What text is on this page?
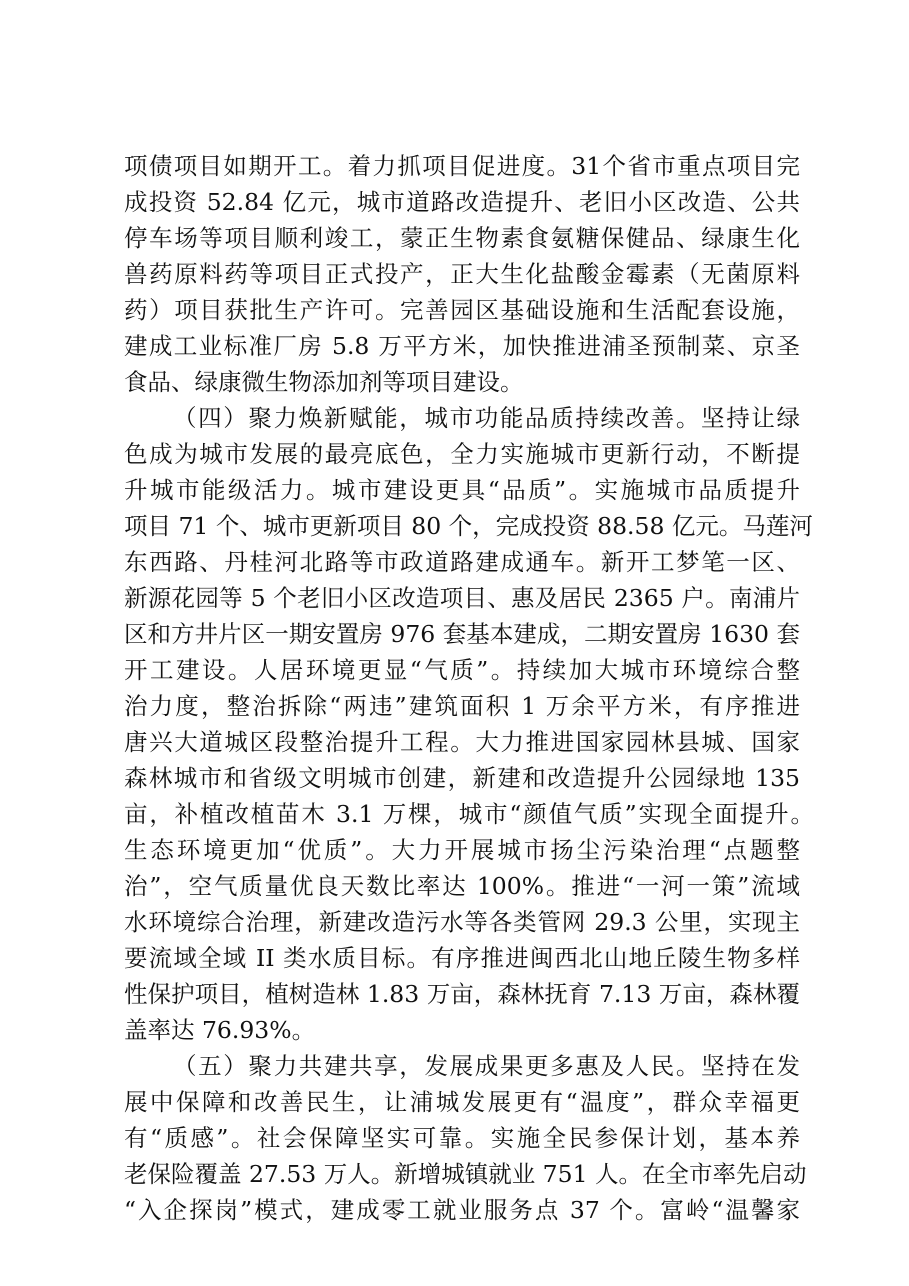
项债项目如期开工。着力抓项目促进度。31个省市重点项目完
成投资 52.84 亿元，城市道路改造提升、老旧小区改造、公共
停车场等项目顺利竣工，蒙正生物素食氨糖保健品、绿康生化
兽药原料药等项目正式投产，正大生化盐酸金霉素（无菌原料
药）项目获批生产许可。完善园区基础设施和生活配套设施，
建成工业标准厂房 5.8 万平方米，加快推进浦圣预制菜、京圣
食品、绿康微生物添加剂等项目建设。
（四）聚力焕新赋能，城市功能品质持续改善。坚持让绿
色成为城市发展的最亮底色，全力实施城市更新行动，不断提
升城市能级活力。城市建设更具“品质”。实施城市品质提升
项目 71 个、城市更新项目 80 个，完成投资 88.58 亿元。马莲河
东西路、丹桂河北路等市政道路建成通车。新开工梦笔一区、
新源花园等 5 个老旧小区改造项目、惠及居民 2365 户。南浦片
区和方井片区一期安置房 976 套基本建成，二期安置房 1630 套
开工建设。人居环境更显“气质”。持续加大城市环境综合整
治力度，整治拆除“两违”建筑面积 1 万余平方米，有序推进
唐兴大道城区段整治提升工程。大力推进国家园林县城、国家
森林城市和省级文明城市创建，新建和改造提升公园绿地 135
亩，补植改植苗木 3.1 万棵，城市“颜值气质”实现全面提升。
生态环境更加“优质”。大力开展城市扬尘污染治理“点题整
治”，空气质量优良天数比率达 100%。推进“一河一策”流域
水环境综合治理，新建改造污水等各类管网 29.3 公里，实现主
要流域全域 II 类水质目标。有序推进闽西北山地丘陵生物多样
性保护项目，植树造林 1.83 万亩，森林抚育 7.13 万亩，森林覆
盖率达 76.93%。
（五）聚力共建共享，发展成果更多惠及人民。坚持在发
展中保障和改善民生，让浦城发展更有“温度”，群众幸福更
有“质感”。社会保障坚实可靠。实施全民参保计划，基本养
老保险覆盖 27.53 万人。新增城镇就业 751 人。在全市率先启动
“入企探岗”模式，建成零工就业服务点 37 个。富岭“温馨家
